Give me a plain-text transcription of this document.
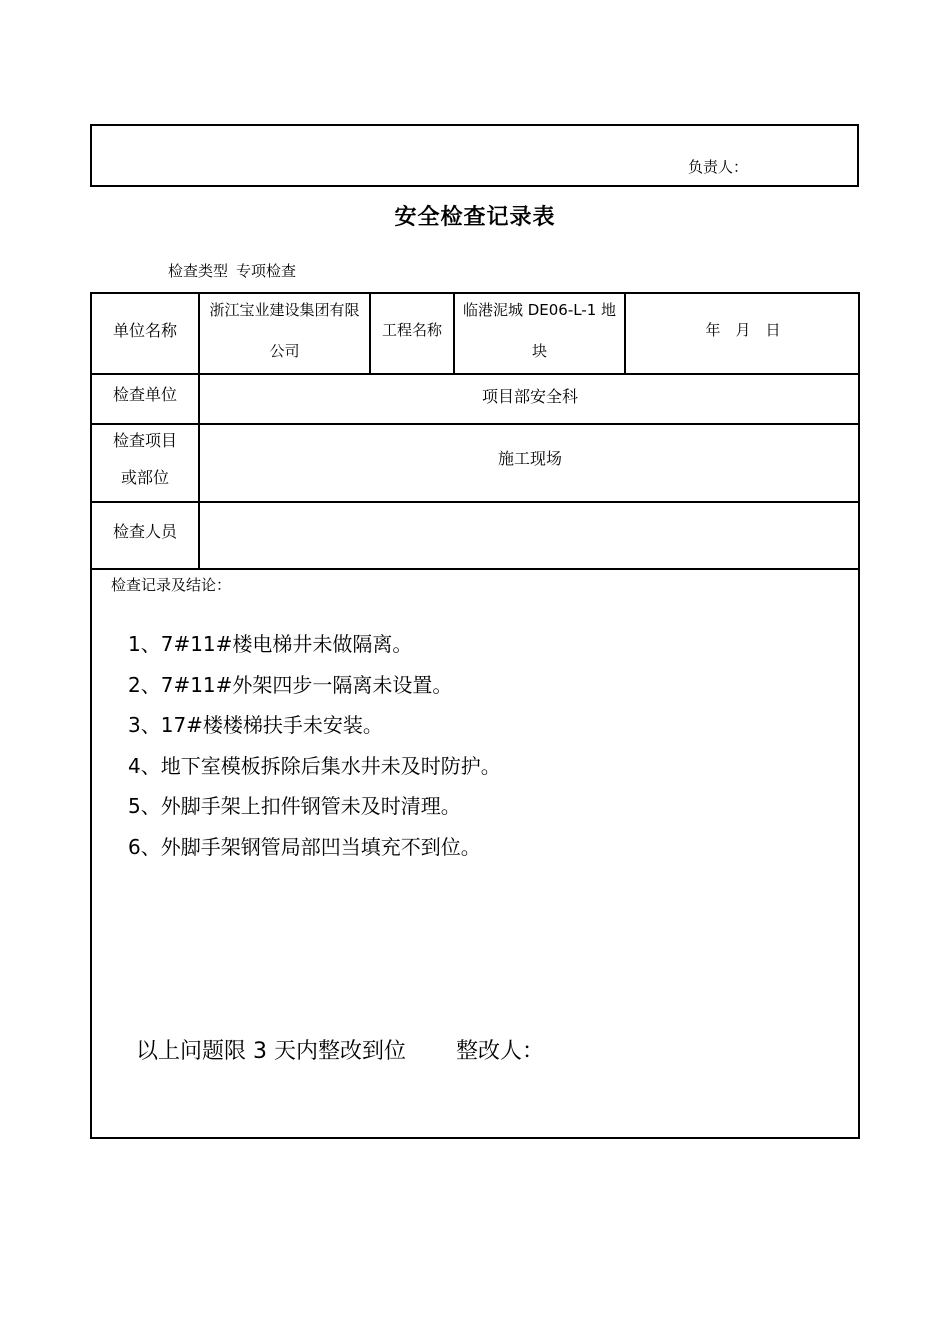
负责人：
安全检查记录表
检查类型 专项检查
单位名称
浙江宝业建设集团有限
公司
工程名称
临港泥城 DE06-L-1 地
块
年　月　日
检查单位	项目部安全科
检查项目
或部位
施工现场
检查人员
检查记录及结论：
1、7#11#楼电梯井未做隔离。
2、7#11#外架四步一隔离未设置。
3、17#楼楼梯扶手未安装。
4、地下室模板拆除后集水井未及时防护。
5、外脚手架上扣件钢管未及时清理。
6、外脚手架钢管局部凹当填充不到位。
以上问题限 3 天内整改到位 整改人：
